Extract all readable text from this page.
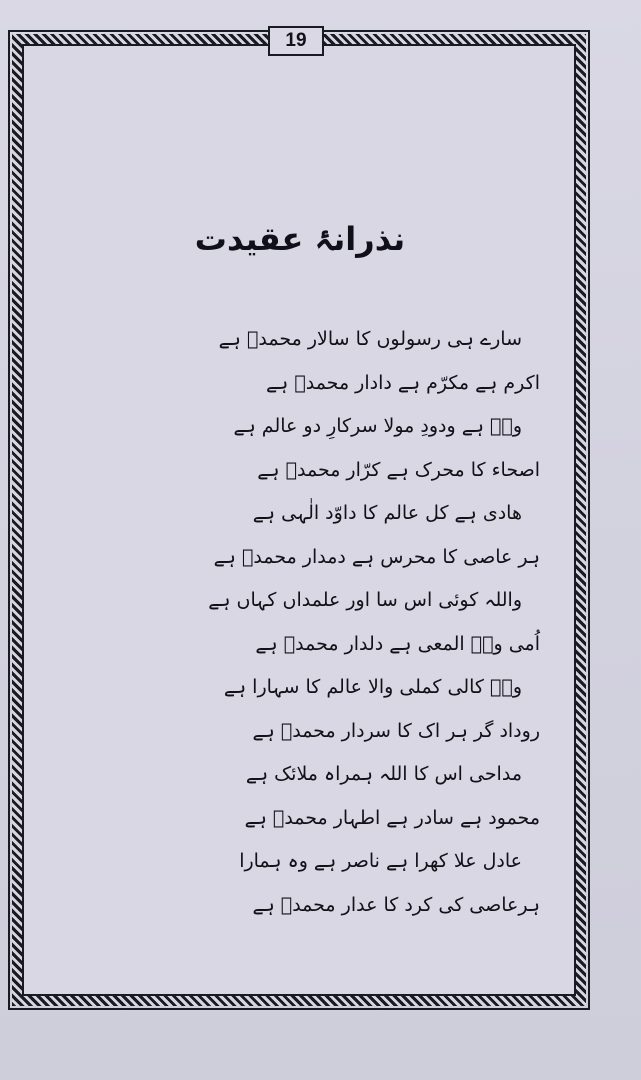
19
نذرانۂ عقیدت
سارے ہی رسولوں کا سالار محمدؐ ہے
اکرم ہے مکرّم ہے دادار محمدؐ ہے
وہؐ ہے ودودِ مولا سرکارِ دو عالم ہے
اصحاء کا محرک ہے کرّار محمدؐ ہے
ھادی ہے کل عالم کا داوّد الٰہی ہے
ہر عاصی کا محرس ہے دمدار محمدؐ ہے
واللہ کوئی اس سا اور علمداں کہاں ہے
اُمی وہؐ المعی ہے دلدار محمدؐ ہے
وہؐ کالی کملی والا عالم کا سہارا ہے
روداد گر ہر اک کا سردار محمدؐ ہے
مداحی اس کا اللہ ہمراہ ملائک ہے
محمود ہے سادر ہے اطہار محمدؐ ہے
عادل علا کھرا ہے ناصر ہے وہ ہمارا
ہرعاصی کی کرد کا عدار محمدؐ ہے
